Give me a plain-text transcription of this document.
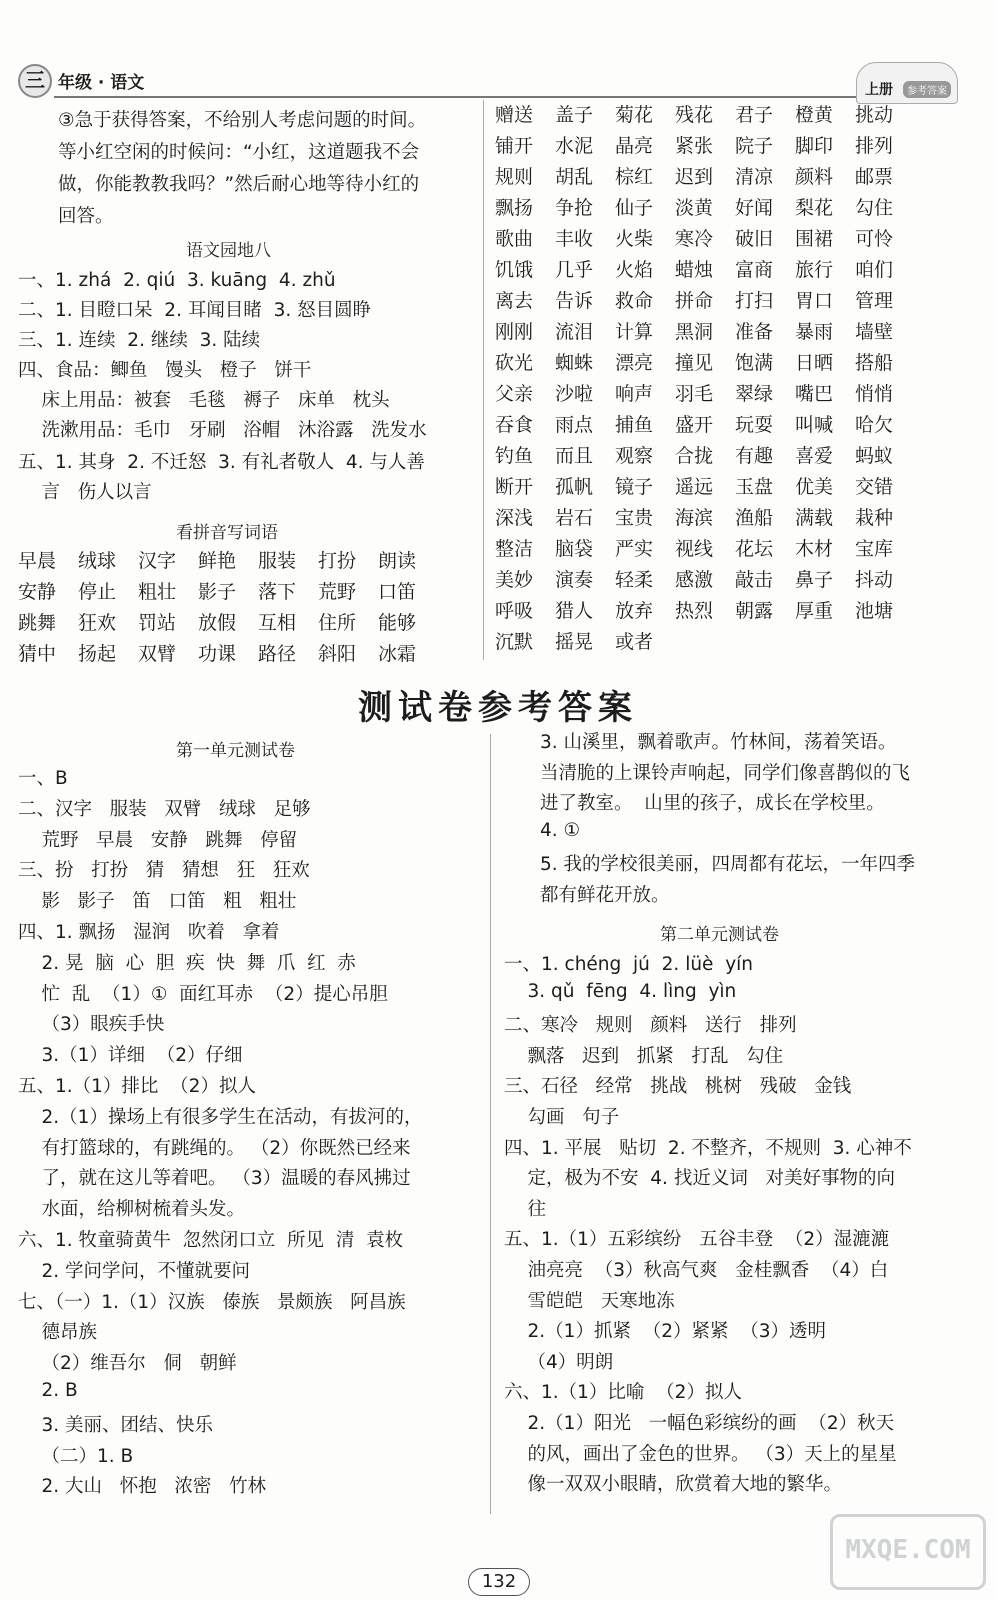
三 年级 · 语文	上册	参考答案
③急于获得答案，不给别人考虑问题的时间。
等小红空闲的时候问：“小红，这道题我不会
做，你能教教我吗？”然后耐心地等待小红的
回答。
语文园地八
一、1. zhá  2. qiú  3. kuāng  4. zhǔ
二、1. 目瞪口呆  2. 耳闻目睹  3. 怒目圆睁
三、1. 连续  2. 继续  3. 陆续
四、食品：鲫鱼   馒头   橙子   饼干
床上用品：被套   毛毯   褥子   床单   枕头
洗漱用品：毛巾   牙刷   浴帽   沐浴露   洗发水
五、1. 其身  2. 不迁怒  3. 有礼者敬人  4. 与人善
言   伤人以言
看拼音写词语
早晨 绒球 汉字 鲜艳 服装 打扮 朗读
安静 停止 粗壮 影子 落下 荒野 口笛
跳舞 狂欢 罚站 放假 互相 住所 能够
猜中 扬起 双臂 功课 路径 斜阳 冰霜
赠送 盖子 菊花 残花 君子 橙黄 挑动
铺开 水泥 晶亮 紧张 院子 脚印 排列
规则 胡乱 棕红 迟到 清凉 颜料 邮票
飘扬 争抢 仙子 淡黄 好闻 梨花 勾住
歌曲 丰收 火柴 寒冷 破旧 围裙 可怜
饥饿 几乎 火焰 蜡烛 富商 旅行 咱们
离去 告诉 救命 拼命 打扫 胃口 管理
刚刚 流泪 计算 黑洞 准备 暴雨 墙壁
砍光 蜘蛛 漂亮 撞见 饱满 日晒 搭船
父亲 沙啦 响声 羽毛 翠绿 嘴巴 悄悄
吞食 雨点 捕鱼 盛开 玩耍 叫喊 哈欠
钓鱼 而且 观察 合拢 有趣 喜爱 蚂蚁
断开 孤帆 镜子 遥远 玉盘 优美 交错
深浅 岩石 宝贵 海滨 渔船 满载 栽种
整洁 脑袋 严实 视线 花坛 木材 宝库
美妙 演奏 轻柔 感激 敲击 鼻子 抖动
呼吸 猎人 放弃 热烈 朝露 厚重 池塘
沉默 摇晃 或者
测试卷参考答案
第一单元测试卷
一、B
二、汉字   服装   双臂   绒球   足够
荒野   早晨   安静   跳舞   停留
三、扮   打扮   猜   猜想   狂   狂欢
影   影子   笛   口笛   粗   粗壮
四、1. 飘扬   湿润   吹着   拿着
2. 晃  脑  心  胆  疾  快  舞  爪  红  赤
忙  乱  （1）①  面红耳赤  （2）提心吊胆
（3）眼疾手快
3.（1）详细  （2）仔细
五、1.（1）排比  （2）拟人
2.（1）操场上有很多学生在活动，有拔河的，
有打篮球的，有跳绳的。 （2）你既然已经来
了，就在这儿等着吧。 （3）温暖的春风拂过
水面，给柳树梳着头发。
六、1. 牧童骑黄牛  忽然闭口立  所见  清  袁枚
2. 学问学问，不懂就要问
七、（一）1.（1）汉族   傣族   景颇族   阿昌族
德昂族
（2）维吾尔   侗   朝鲜
2. B
3. 美丽、团结、快乐
（二）1. B
2. 大山   怀抱   浓密   竹林
3. 山溪里，飘着歌声。竹林间，荡着笑语。
当清脆的上课铃声响起，同学们像喜鹊似的飞
进了教室。  山里的孩子，成长在学校里。
4. ①
5. 我的学校很美丽，四周都有花坛，一年四季
都有鲜花开放。
第二单元测试卷
一、1. chéng  jú  2. lüè  yín
3. qǔ  fēng  4. lìng  yìn
二、寒冷   规则   颜料   送行   排列
飘落   迟到   抓紧   打乱   勾住
三、石径   经常   挑战   桃树   残破   金钱
勾画   句子
四、1. 平展   贴切  2. 不整齐，不规则  3. 心神不
定，极为不安  4. 找近义词   对美好事物的向
往
五、1.（1）五彩缤纷   五谷丰登  （2）湿漉漉
油亮亮  （3）秋高气爽   金桂飘香  （4）白
雪皑皑   天寒地冻
2.（1）抓紧  （2）紧紧  （3）透明
（4）明朗
六、1.（1）比喻  （2）拟人
2.（1）阳光   一幅色彩缤纷的画  （2）秋天
的风，画出了金色的世界。 （3）天上的星星
像一双双小眼睛，欣赏着大地的繁华。
132
MXQE.COM
